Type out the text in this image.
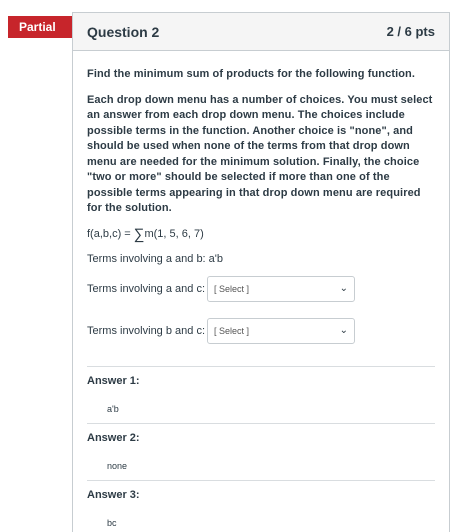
Partial	Question 2	2 / 6 pts

Find the minimum sum of products for the following function.

Each drop down menu has a number of choices. You must select an answer from each drop down menu. The choices include possible terms in the function. Another choice is "none", and should be used when none of the terms from that drop down menu are needed for the minimum solution. Finally, the choice "two or more" should be selected if more than one of the possible terms appearing in that drop down menu are required for the solution.

f(a,b,c) = ∑m(1, 5, 6, 7)

Terms involving a and b: a'b

Terms involving a and c: [ Select ]	⌄
Terms involving b and c: [ Select ]	⌄
Answer 1:
a'b
Answer 2:
none
Answer 3:
bc
